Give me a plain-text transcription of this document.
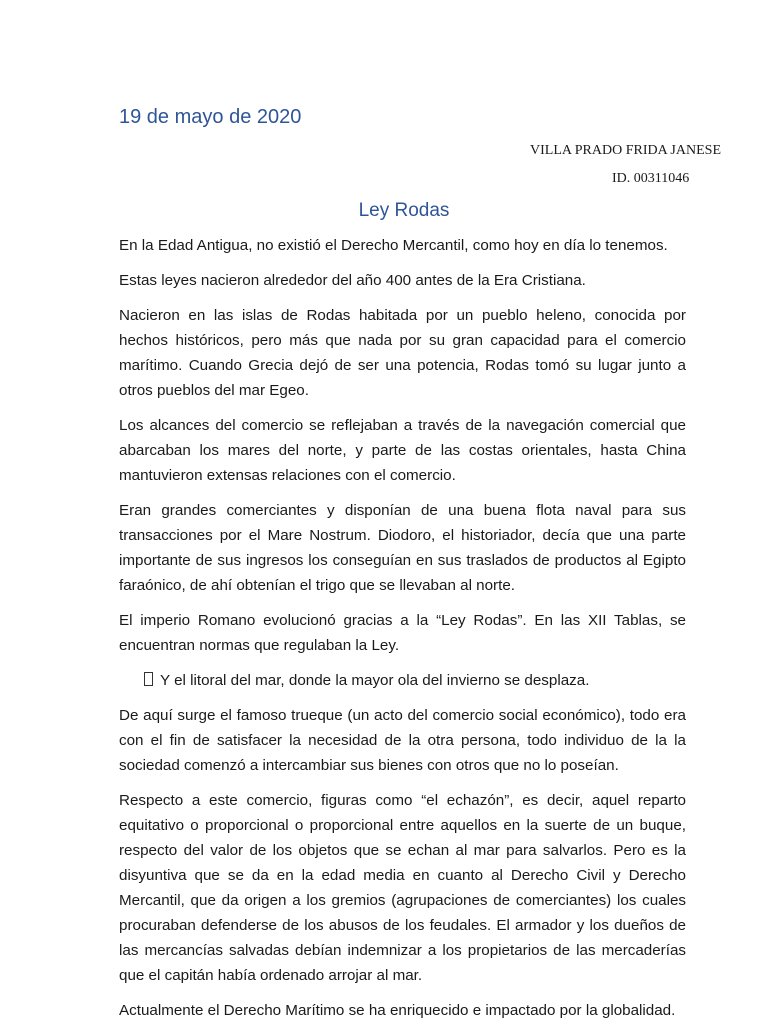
19 de mayo de 2020

VILLA PRADO FRIDA JANESE

ID. 00311046

Ley Rodas

En la Edad Antigua, no existió el Derecho Mercantil, como hoy en día lo tenemos.

Estas leyes nacieron alrededor del año 400 antes de la Era Cristiana.

Nacieron en las islas de Rodas habitada por un pueblo heleno, conocida por hechos históricos, pero más que nada por su gran capacidad para el comercio marítimo. Cuando Grecia dejó de ser una potencia, Rodas tomó su lugar junto a otros pueblos del mar Egeo.

Los alcances del comercio se reflejaban a través de la navegación comercial que abarcaban los mares del norte, y parte de las costas orientales, hasta China mantuvieron extensas relaciones con el comercio.

Eran grandes comerciantes y disponían de una buena flota naval para sus transacciones por el Mare Nostrum. Diodoro, el historiador, decía que una parte importante de sus ingresos los conseguían en sus traslados de productos al Egipto faraónico, de ahí obtenían el trigo que se llevaban al norte.

El imperio Romano evolucionó gracias a la “Ley Rodas”. En las XII Tablas, se encuentran normas que regulaban la Ley.

Y el litoral del mar, donde la mayor ola del invierno se desplaza.

De aquí surge el famoso trueque (un acto del comercio social económico), todo era con el fin de satisfacer la necesidad de la otra persona, todo individuo de la la sociedad comenzó a intercambiar sus bienes con otros que no lo poseían.

Respecto a este comercio, figuras como “el echazón”, es decir, aquel reparto equitativo o proporcional o proporcional entre aquellos en la suerte de un buque, respecto del valor de los objetos que se echan al mar para salvarlos. Pero es la disyuntiva que se da en la edad media en cuanto al Derecho Civil y Derecho Mercantil, que da origen a los gremios (agrupaciones de comerciantes) los cuales procuraban defenderse de los abusos de los feudales. El armador y los dueños de las mercancías salvadas debían indemnizar a los propietarios de las mercaderías que el capitán había ordenado arrojar al mar.

Actualmente el Derecho Marítimo se ha enriquecido e impactado por la globalidad.
